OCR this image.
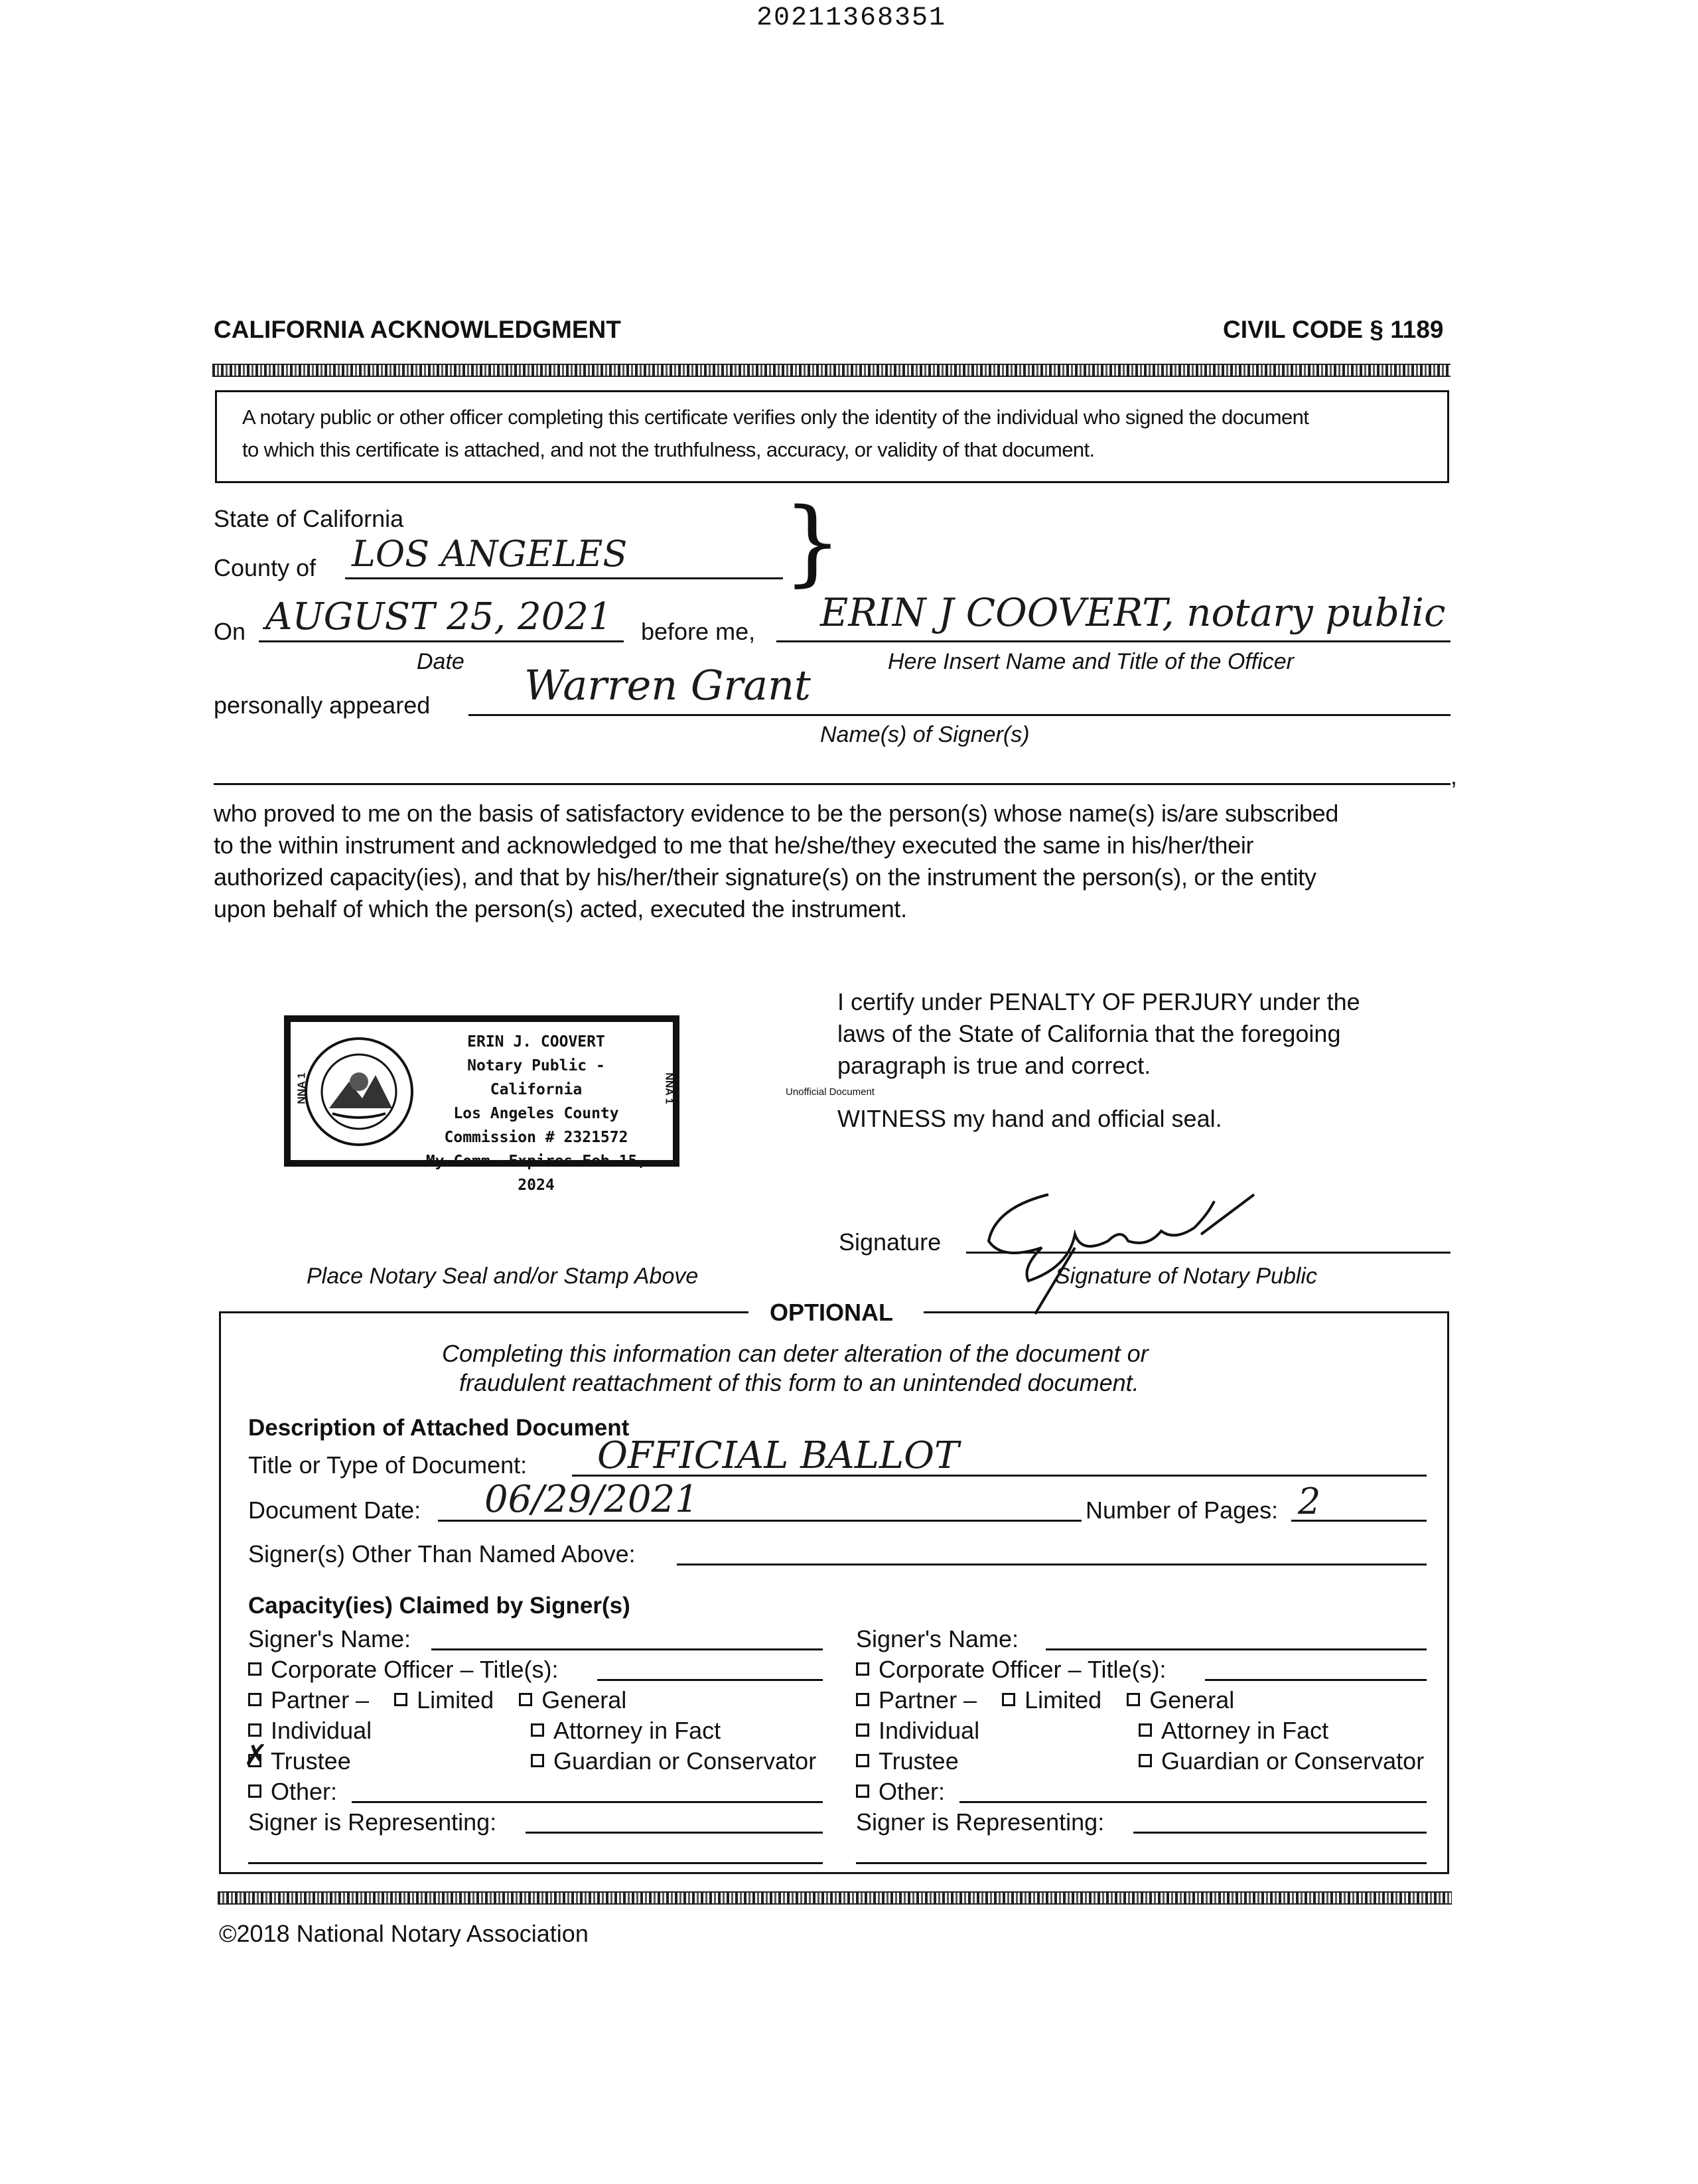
20211368351
CALIFORNIA ACKNOWLEDGMENT	CIVIL CODE § 1189
A notary public or other officer completing this certificate verifies only the identity of the individual who signed the document
to which this certificate is attached, and not the truthfulness, accuracy, or validity of that document.
State of California
County of LOS ANGELES }
On AUGUST 25, 2021
Date
before me, ERIN J COOVERT, notary public
Here Insert Name and Title of the Officer
personally appeared Warren Grant
Name(s) of Signer(s)
,
who proved to me on the basis of satisfactory evidence to be the person(s) whose name(s) is/are subscribed
to the within instrument and acknowledged to me that he/she/they executed the same in his/her/their
authorized capacity(ies), and that by his/her/their signature(s) on the instrument the person(s), or the entity
upon behalf of which the person(s) acted, executed the instrument.
NNA 1	NNA 1
ERIN J. COOVERT
Notary Public - California
Los Angeles County
Commission # 2321572
My Comm. Expires Feb 15, 2024
Place Notary Seal and/or Stamp Above
I certify under PENALTY OF PERJURY under the
laws of the State of California that the foregoing
paragraph is true and correct.
Unofficial Document
WITNESS my hand and official seal.
Signature
Signature of Notary Public
OPTIONAL
Completing this information can deter alteration of the document or
fraudulent reattachment of this form to an unintended document.
Description of Attached Document
Title or Type of Document: OFFICIAL BALLOT
Document Date: 06/29/2021	Number of Pages: 2
Signer(s) Other Than Named Above:
Capacity(ies) Claimed by Signer(s)
Signer's Name:
Corporate Officer – Title(s):
Partner – Limited General
Individual	Attorney in Fact
✗Trustee	Guardian or Conservator
Other:
Signer is Representing:
Signer's Name:
Corporate Officer – Title(s):
Partner – Limited General
Individual	Attorney in Fact
Trustee	Guardian or Conservator
Other:
Signer is Representing:
©2018 National Notary Association
